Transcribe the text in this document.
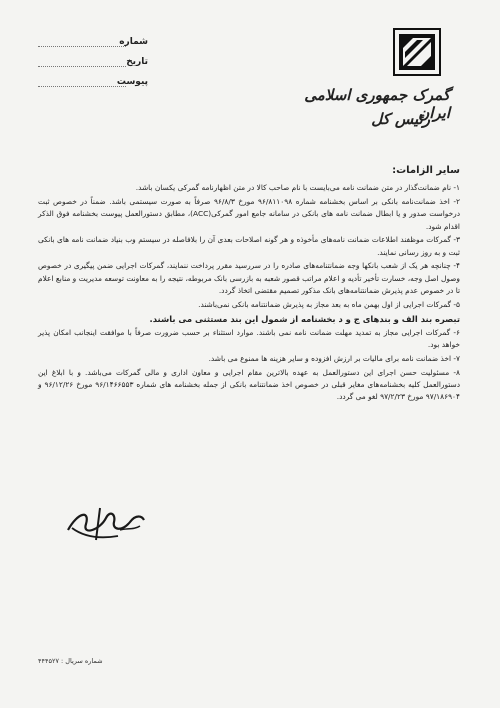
شماره
تاریخ
پیوست
گمرک جمهوری اسلامی ایران
رئیس کل
سایر الزامات:

۱- نام ضمانت‌گذار در متن ضمانت نامه می‌بایست با نام صاحب کالا در متن اظهارنامه گمرکی یکسان باشد.

۲- اخذ ضمانت‌نامه بانکی بر اساس بخشنامه شماره ۹۶/۸۱۱۰۹۸ مورخ ۹۶/۸/۳ صرفاً به صورت سیستمی باشد. ضمناً در خصوص ثبت درخواست صدور و یا ابطال ضمانت نامه های بانکی در سامانه جامع امور گمرکی(ACC)، مطابق دستورالعمل پیوست بخشنامه فوق الذکر اقدام شود.

۳- گمرکات موظفند اطلاعات ضمانت نامه‌های مأخوذه و هر گونه اصلاحات بعدی آن را بلافاصله در سیستم وب بنیاد ضمانت نامه های بانکی ثبت و به روز رسانی نمایند.

۴- چنانچه هر یک از شعب بانکها وجه ضمانتنامه‌های صادره را در سررسید مقرر پرداخت ننمایند، گمرکات اجرایی ضمن پیگیری در خصوص وصول اصل وجه، خسارت تأخیر تأدیه و اعلام مراتب قصور شعبه به بازرسی بانک مربوطه، نتیجه را به معاونت توسعه مدیریت و منابع اعلام تا در خصوص عدم پذیرش ضمانتنامه‌های بانک مذکور تصمیم مقتضی اتخاذ گردد.

۵- گمرکات اجرایی از اول بهمن ماه به بعد مجاز به پذیرش ضمانتنامه بانکی نمی‌باشند.

تبصره بند الف و بندهای ج و د بخشنامه از شمول این بند مستثنی می باشند.

۶- گمرکات اجرایی مجاز به تمدید مهلت ضمانت نامه نمی باشند. موارد استثناء بر حسب ضرورت صرفاً با موافقت اینجانب امکان پذیر خواهد بود.

۷- اخذ ضمانت نامه برای مالیات بر ارزش افزوده و سایر هزینه ها ممنوع می باشد.

۸- مسئولیت حسن اجرای این دستورالعمل به عهده بالاترین مقام اجرایی و معاون اداری و مالی گمرکات می‌باشد. و با ابلاغ این دستورالعمل کلیه بخشنامه‌های مغایر قبلی در خصوص اخذ ضمانتنامه بانکی از جمله بخشنامه های شماره ۹۶/۱۴۶۶۵۵۳ مورخ ۹۶/۱۲/۲۶ و ۹۷/۱۸۶۹۰۴ مورخ ۹۷/۲/۲۳ لغو می گردد.

شماره سریال : ۴۴۴۵۲۷
